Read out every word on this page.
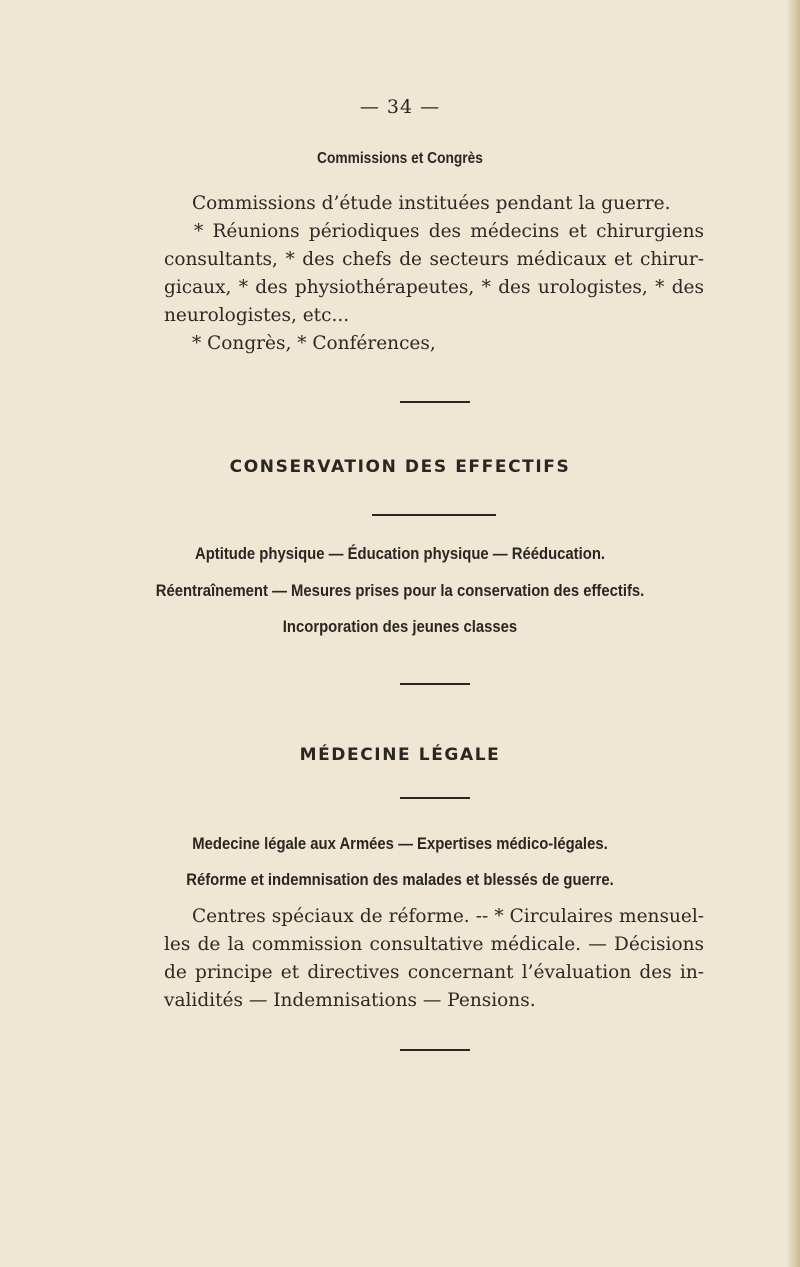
— 34 —
Commissions et Congrès
Commissions d’étude instituées pendant la guerre.
* Réunions périodiques des médecins et chirurgiens
consultants, * des chefs de secteurs médicaux et chirur-
gicaux, * des physiothérapeutes, * des urologistes, * des
neurologistes, etc...
* Congrès, * Conférences,
CONSERVATION DES EFFECTIFS
Aptitude physique — Éducation physique — Rééducation.
Réentraînement — Mesures prises pour la conservation des effectifs.
Incorporation des jeunes classes
MÉDECINE LÉGALE
Medecine légale aux Armées — Expertises médico-légales.
Réforme et indemnisation des malades et blessés de guerre.
Centres spéciaux de réforme. -- * Circulaires mensuel-
les de la commission consultative médicale. — Décisions
de principe et directives concernant l’évaluation des in-
validités — Indemnisations — Pensions.
